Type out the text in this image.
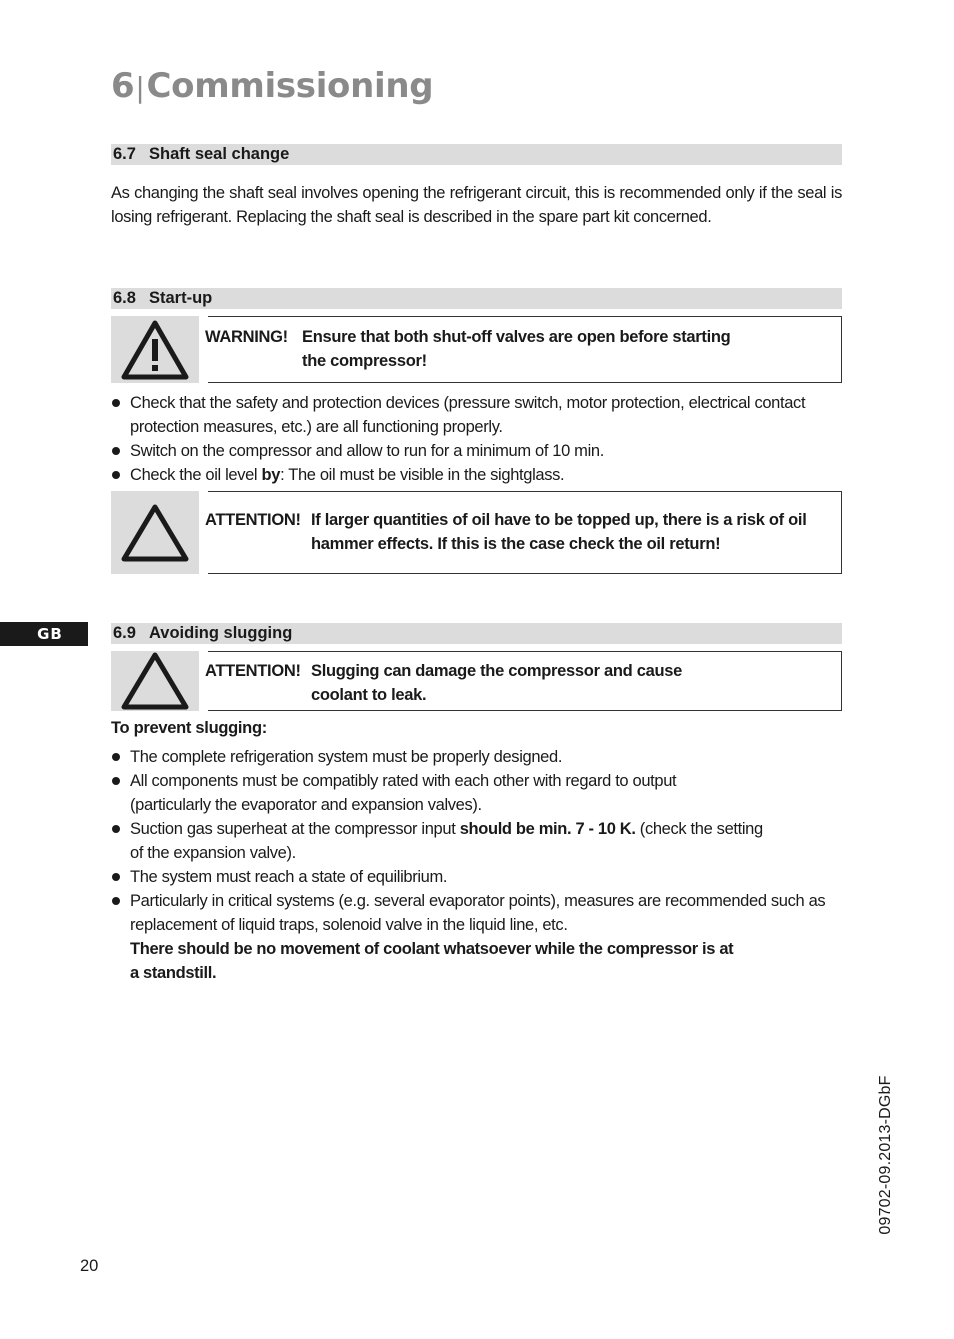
6|Commissioning
6.7 Shaft seal change

As changing the shaft seal involves opening the refrigerant circuit, this is recommended only if the seal is losing refrigerant. Replacing the shaft seal is described in the spare part kit concerned.

6.8 Start-up
WARNING! Ensure that both shut-off valves are open before starting
the compressor!
Check that the safety and protection devices (pressure switch, motor protection, electrical contact protection measures, etc.) are all functioning properly.
Switch on the compressor and allow to run for a minimum of 10 min.
Check the oil level by: The oil must be visible in the sightglass.
ATTENTION! If larger quantities of oil have to be topped up, there is a risk of oil
hammer effects. If this is the case check the oil return!
GB	6.9 Avoiding slugging
ATTENTION! Slugging can damage the compressor and cause
coolant to leak.
To prevent slugging:
The complete refrigeration system must be properly designed.
All components must be compatibly rated with each other with regard to output
(particularly the evaporator and expansion valves).
Suction gas superheat at the compressor input should be min. 7 - 10 K. (check the setting
of the expansion valve).
The system must reach a state of equilibrium.
Particularly in critical systems (e.g. several evaporator points), measures are recommended such as replacement of liquid traps, solenoid valve in the liquid line, etc.
There should be no movement of coolant whatsoever while the compressor is at
a standstill.
09702-09.2013-DGbF
20
